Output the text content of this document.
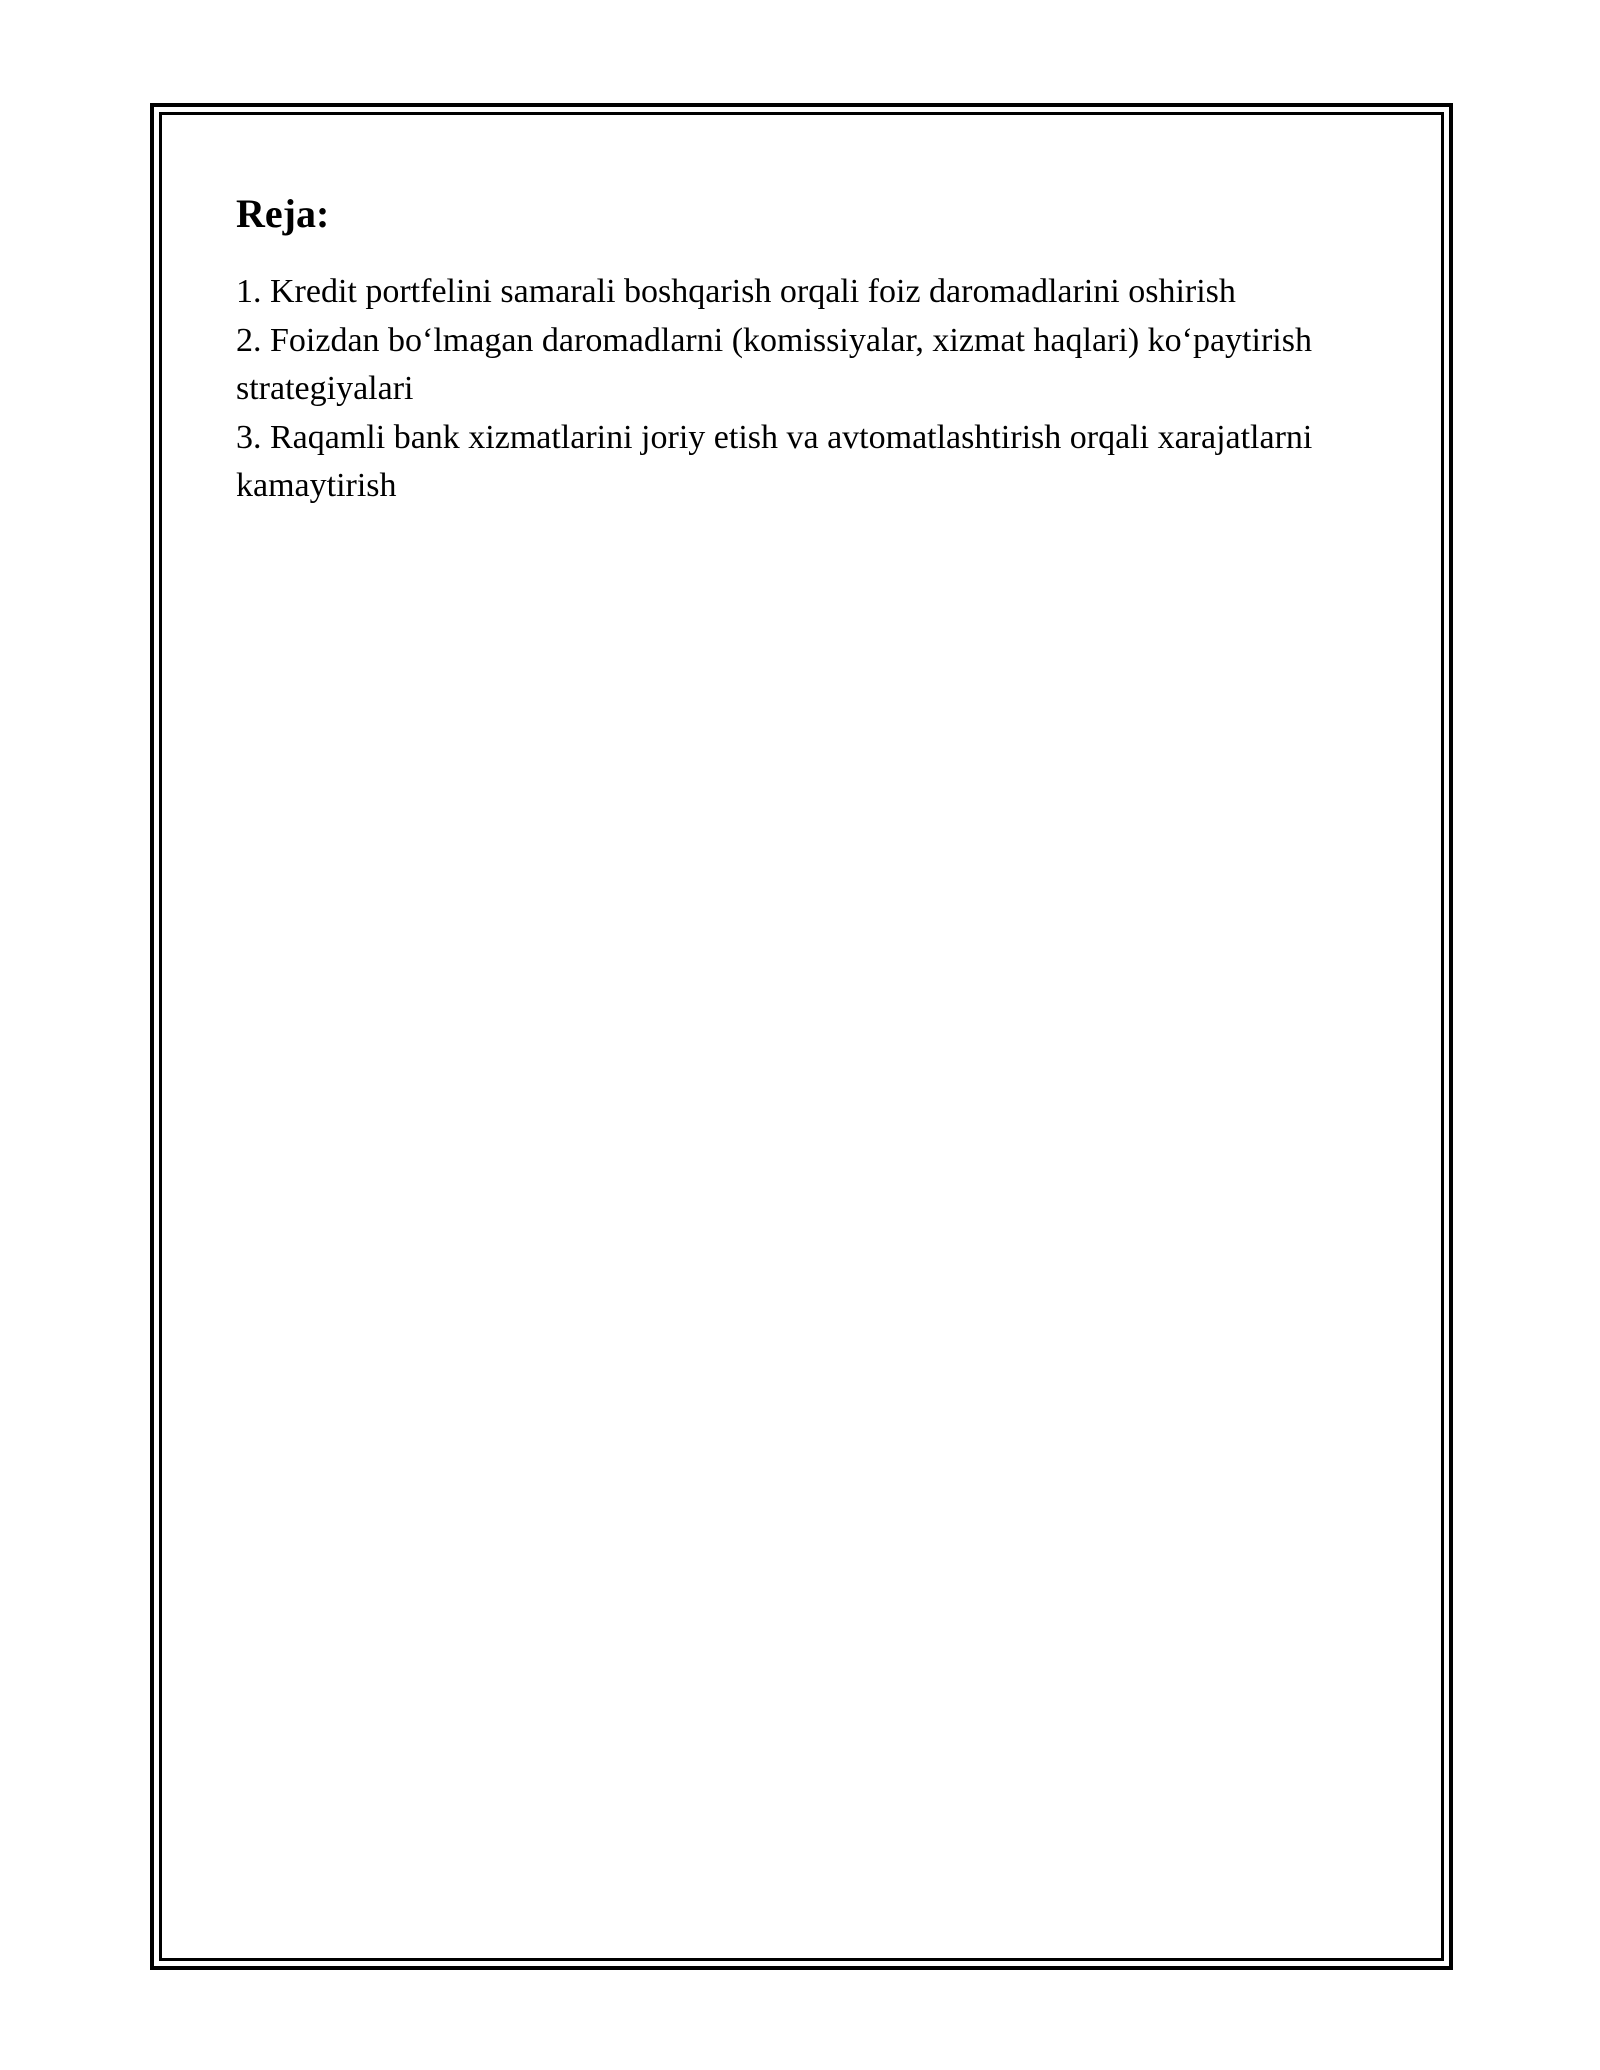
Reja:
1. Kredit portfelini samarali boshqarish orqali foiz daromadlarini oshirish
2. Foizdan bo‘lmagan daromadlarni (komissiyalar, xizmat haqlari) ko‘paytirish strategiyalari
3. Raqamli bank xizmatlarini joriy etish va avtomatlashtirish orqali xarajatlarni kamaytirish
